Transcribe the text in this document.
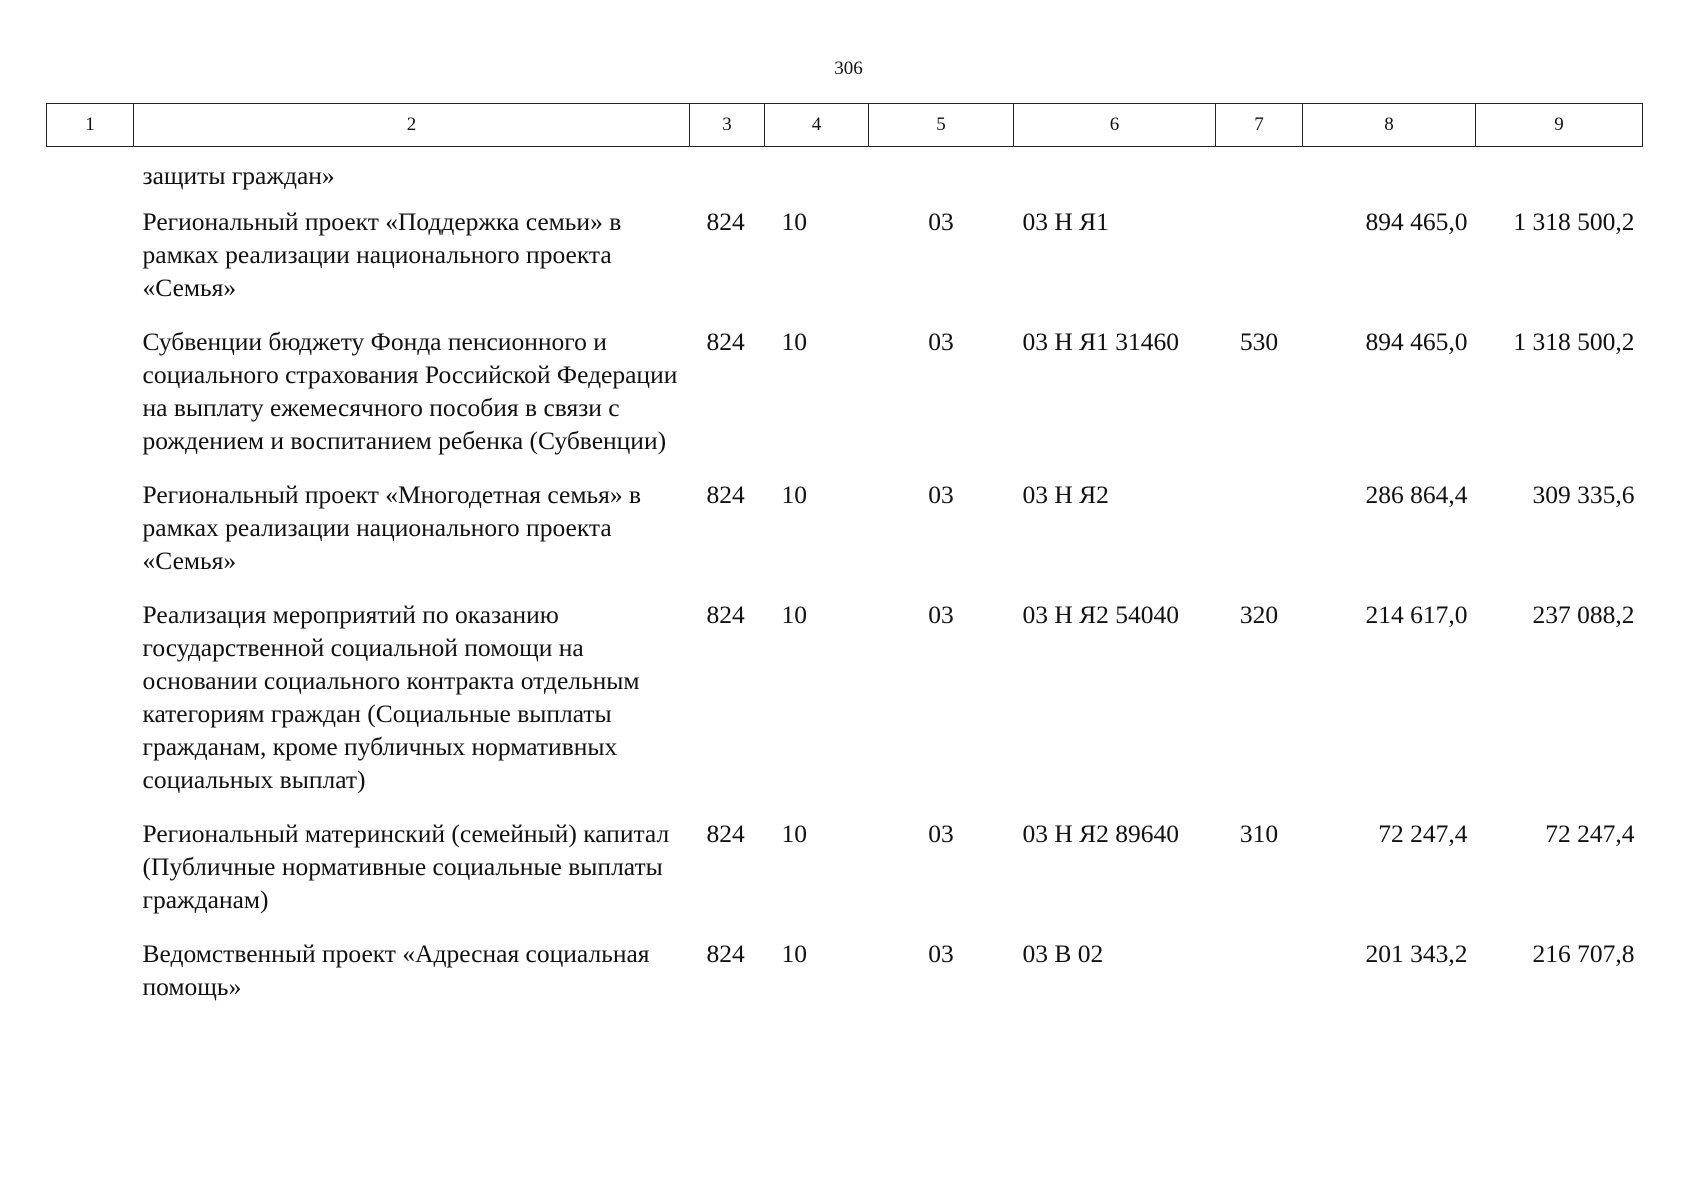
306
1	2	3	4	5	6	7	8	9
	защиты граждан»							
	Региональный проект «Поддержка семьи» в рамках реализации национального проекта «Семья»	824	10	03	03 Н Я1		894 465,0	1 318 500,2
	Субвенции бюджету Фонда пенсионного и социального страхования Российской Федерации на выплату ежемесячного пособия в связи с рождением и воспитанием ребенка (Субвенции)	824	10	03	03 Н Я1 31460	530	894 465,0	1 318 500,2
	Региональный проект «Многодетная семья» в рамках реализации национального проекта «Семья»	824	10	03	03 Н Я2		286 864,4	309 335,6
	Реализация мероприятий по оказанию государственной социальной помощи на основании социального контракта отдельным категориям граждан (Социальные выплаты гражданам, кроме публичных нормативных социальных выплат)	824	10	03	03 Н Я2 54040	320	214 617,0	237 088,2
	Региональный материнский (семейный) капитал (Публичные нормативные социальные выплаты гражданам)	824	10	03	03 Н Я2 89640	310	72 247,4	72 247,4
	Ведомственный проект «Адресная социальная помощь»	824	10	03	03 В 02		201 343,2	216 707,8
